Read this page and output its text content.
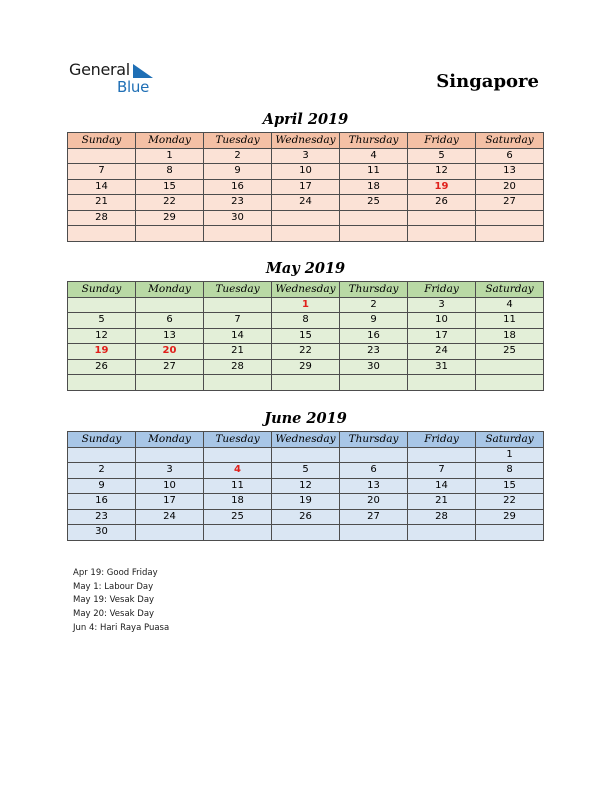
General
Blue	Singapore
April 2019
Sunday	Monday	Tuesday	Wednesday	Thursday	Friday	Saturday
	1	2	3	4	5	6
7	8	9	10	11	12	13
14	15	16	17	18	19	20
21	22	23	24	25	26	27
28	29	30				

May 2019
Sunday	Monday	Tuesday	Wednesday	Thursday	Friday	Saturday
			1	2	3	4
5	6	7	8	9	10	11
12	13	14	15	16	17	18
19	20	21	22	23	24	25
26	27	28	29	30	31	

June 2019
Sunday	Monday	Tuesday	Wednesday	Thursday	Friday	Saturday
						1
2	3	4	5	6	7	8
9	10	11	12	13	14	15
16	17	18	19	20	21	22
23	24	25	26	27	28	29
30						
Apr 19: Good Friday
May 1: Labour Day
May 19: Vesak Day
May 20: Vesak Day
Jun 4: Hari Raya Puasa
